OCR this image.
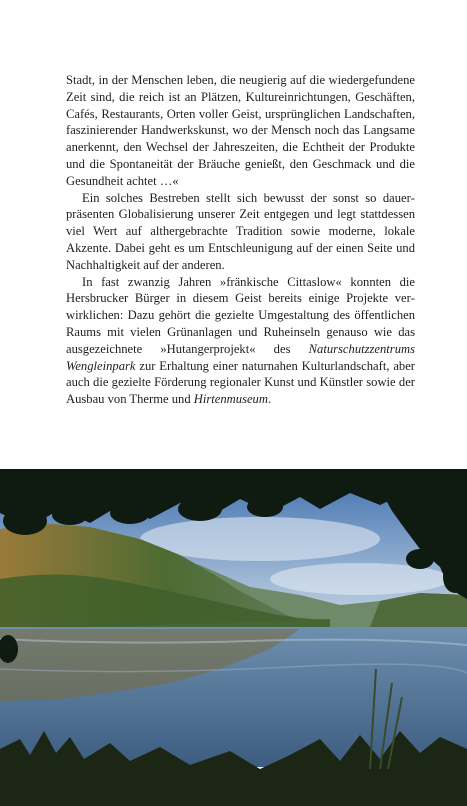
Stadt, in der Menschen leben, die neugierig auf die wiedergefundene Zeit sind, die reich ist an Plätzen, Kultureinrichtungen, Geschäften, Cafés, Restaurants, Orten voller Geist, ursprünglichen Landschaften, faszinierender Handwerkskunst, wo der Mensch noch das Langsame anerkennt, den Wechsel der Jahreszeiten, die Echtheit der Produkte und die Spontaneität der Bräuche genießt, den Geschmack und die Gesundheit achtet …«

Ein solches Bestreben stellt sich bewusst der sonst so dauerpräsenten Globalisierung unserer Zeit entgegen und legt stattdessen viel Wert auf althergebrachte Tradition sowie moderne, lokale Akzente. Dabei geht es um Entschleunigung auf der einen Seite und Nachhaltigkeit auf der anderen.

In fast zwanzig Jahren »fränkische Cittaslow« konnten die Hersbrucker Bürger in diesem Geist bereits einige Projekte verwirklichen: Dazu gehört die gezielte Umgestaltung des öffentlichen Raums mit vielen Grünanlagen und Ruheinseln genauso wie das ausgezeichnete »Hutangerprojekt« des Naturschutzzentrums Wengleinpark zur Erhaltung einer naturnahen Kulturlandschaft, aber auch die gezielte Förderung regionaler Kunst und Künstler sowie der Ausbau von Therme und Hirtenmuseum.
